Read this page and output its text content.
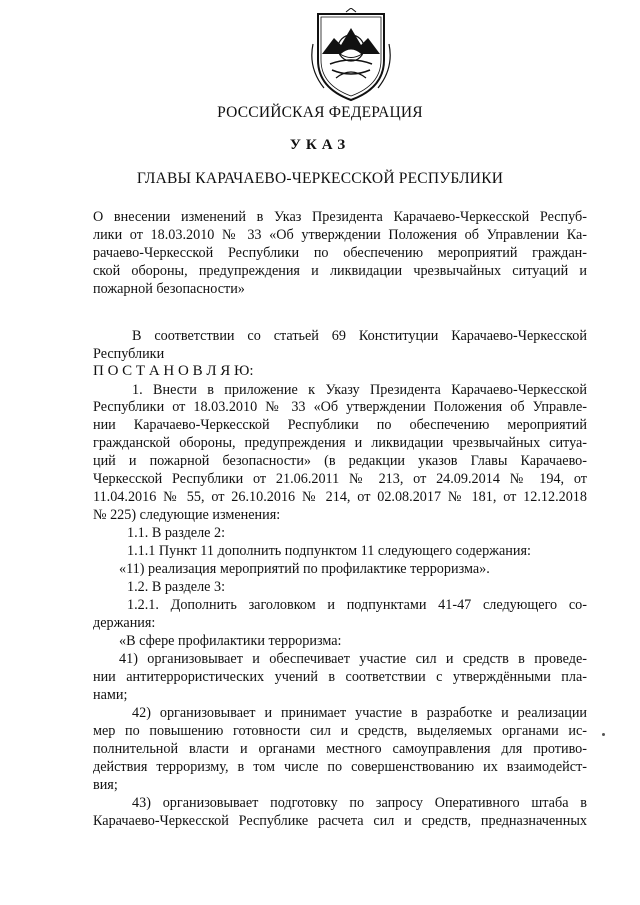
РОССИЙСКАЯ ФЕДЕРАЦИЯ
УКАЗ
ГЛАВЫ КАРАЧАЕВО-ЧЕРКЕССКОЙ РЕСПУБЛИКИ
О внесении изменений в Указ Президента Карачаево-Черкесской Респуб-
лики от 18.03.2010 № 33 «Об утверждении Положения об Управлении Ка-
рачаево-Черкесской Республики по обеспечению мероприятий граждан-
ской обороны, предупреждения и ликвидации чрезвычайных ситуаций и
пожарной безопасности»
В соответствии со статьей 69 Конституции Карачаево-Черкесской
Республики
П О С Т А Н О В Л Я Ю:
1. Внести в приложение к Указу Президента Карачаево-Черкесской
Республики от 18.03.2010 № 33 «Об утверждении Положения об Управле-
нии Карачаево-Черкесской Республики по обеспечению мероприятий
гражданской обороны, предупреждения и ликвидации чрезвычайных ситуа-
ций и пожарной безопасности» (в редакции указов Главы Карачаево-
Черкесской Республики от 21.06.2011 № 213, от 24.09.2014 № 194, от
11.04.2016 № 55, от 26.10.2016 № 214, от 02.08.2017 № 181, от 12.12.2018
№ 225) следующие изменения:
1.1. В разделе 2:
1.1.1 Пункт 11 дополнить подпунктом 11 следующего содержания:
«11) реализация мероприятий по профилактике терроризма».
1.2. В разделе 3:
1.2.1. Дополнить заголовком и подпунктами 41-47 следующего со-
держания:
«В сфере профилактики терроризма:
41) организовывает и обеспечивает участие сил и средств в проведе-
нии антитеррористических учений в соответствии с утверждёнными пла-
нами;
42) организовывает и принимает участие в разработке и реализации
мер по повышению готовности сил и средств, выделяемых органами ис-
полнительной власти и органами местного самоуправления для противо-
действия терроризму, в том числе по совершенствованию их взаимодейст-
вия;
43) организовывает подготовку по запросу Оперативного штаба в
Карачаево-Черкесской Республике расчета сил и средств, предназначенных
